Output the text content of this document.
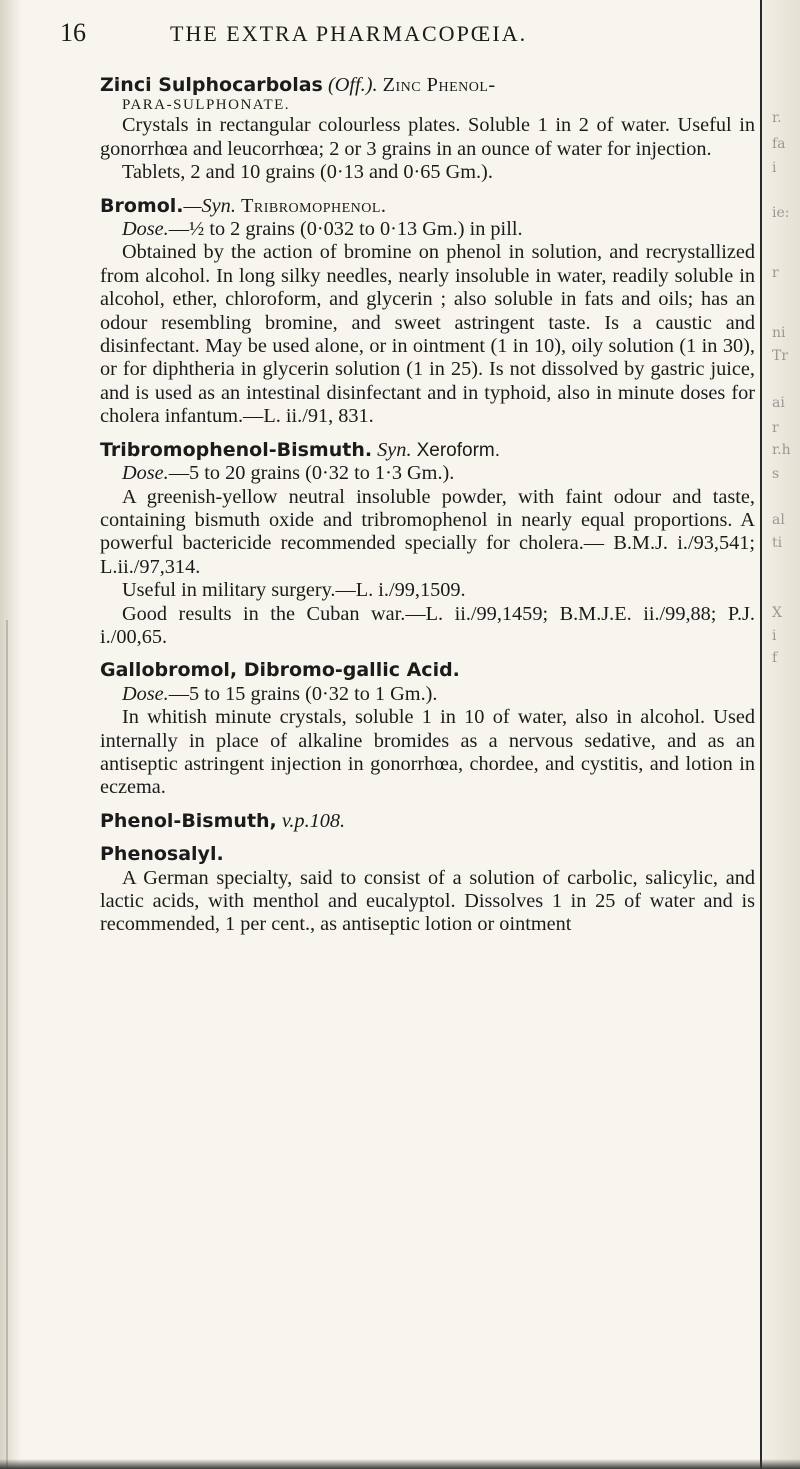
r.
fa
i
ie:
r
ni
Tr
ai
r
r.h
s
al
ti
X
i
f
16	THE EXTRA PHARMACOPŒIA.

Zinci Sulphocarbolas (Off.). Zinc Phenol-

PARA-SULPHONATE.

Crystals in rectangular colourless plates. Soluble 1 in 2 of water. Useful in gonorrhœa and leucorrhœa; 2 or 3 grains in an ounce of water for injection.

Tablets, 2 and 10 grains (0·13 and 0·65 Gm.).

Bromol.—Syn. Tribromophenol.

Dose.—½ to 2 grains (0·032 to 0·13 Gm.) in pill.

Obtained by the action of bromine on phenol in solution, and recrystallized from alcohol. In long silky needles, nearly insoluble in water, readily soluble in alcohol, ether, chloroform, and glycerin ; also soluble in fats and oils; has an odour resembling bromine, and sweet astringent taste. Is a caustic and disinfectant. May be used alone, or in ointment (1 in 10), oily solution (1 in 30), or for diphtheria in glycerin solution (1 in 25). Is not dissolved by gastric juice, and is used as an intestinal disinfectant and in typhoid, also in minute doses for cholera infantum.—L. ii./91, 831.

Tribromophenol-Bismuth. Syn. Xeroform.

Dose.—5 to 20 grains (0·32 to 1·3 Gm.).

A greenish-yellow neutral insoluble powder, with faint odour and taste, containing bismuth oxide and tribromophenol in nearly equal proportions. A powerful bactericide recommended specially for cholera.— B.M.J. i./93,541; L.ii./97,314.

Useful in military surgery.—L. i./99,1509.

Good results in the Cuban war.—L. ii./99,1459; B.M.J.E. ii./99,88; P.J. i./00,65.

Gallobromol, Dibromo-gallic Acid.

Dose.—5 to 15 grains (0·32 to 1 Gm.).

In whitish minute crystals, soluble 1 in 10 of water, also in alcohol. Used internally in place of alkaline bromides as a nervous sedative, and as an antiseptic astringent injection in gonorrhœa, chordee, and cystitis, and lotion in eczema.

Phenol-Bismuth, v.p.108.

Phenosalyl.

A German specialty, said to consist of a solution of carbolic, salicylic, and lactic acids, with menthol and eucalyptol. Dissolves 1 in 25 of water and is recommended, 1 per cent., as antiseptic lotion or ointment
